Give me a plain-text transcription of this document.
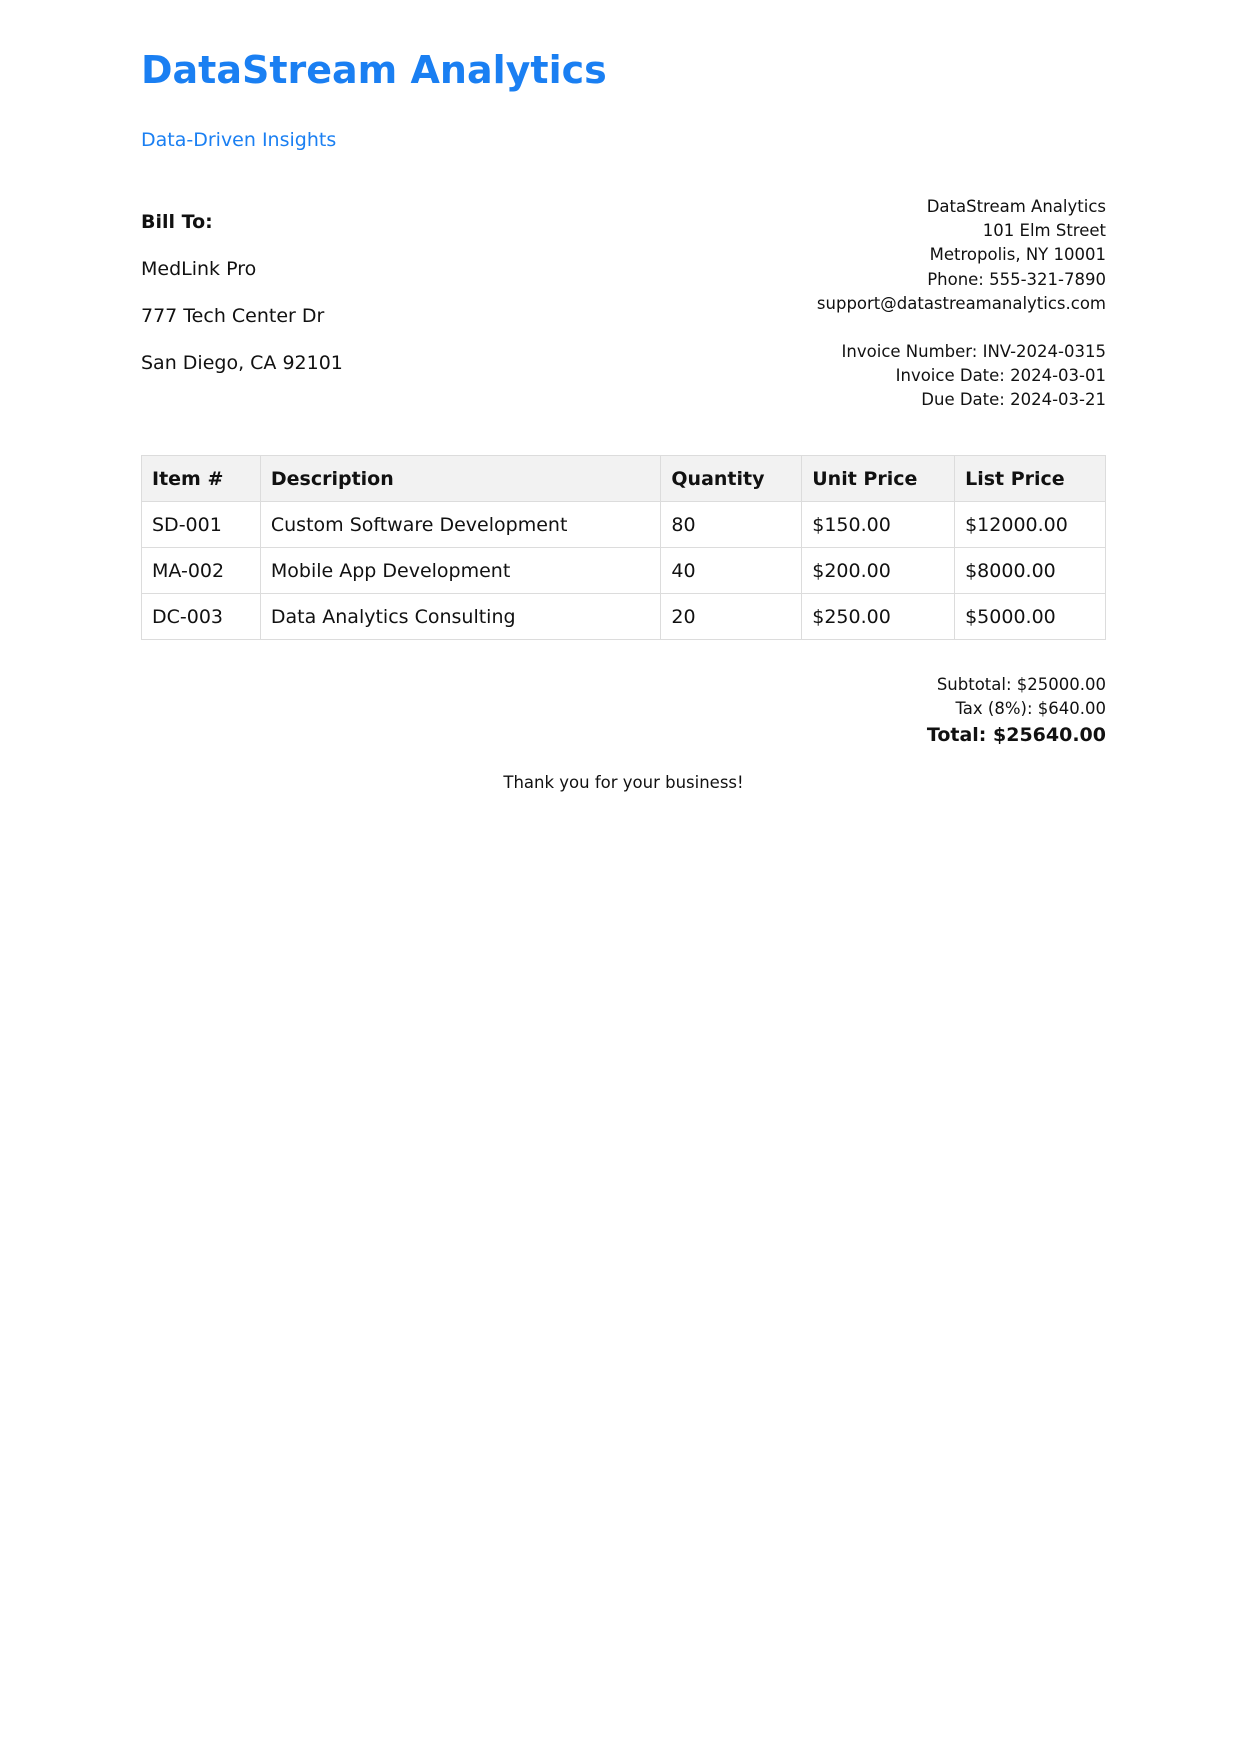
DataStream Analytics
Data-Driven Insights
Bill To:
MedLink Pro
777 Tech Center Dr
San Diego, CA 92101
DataStream Analytics
101 Elm Street
Metropolis, NY 10001
Phone: 555-321-7890
support@datastreamanalytics.com
Invoice Number: INV-2024-0315
Invoice Date: 2024-03-01
Due Date: 2024-03-21
Item #	Description	Quantity	Unit Price	List Price
SD-001	Custom Software Development	80	$150.00	$12000.00
MA-002	Mobile App Development	40	$200.00	$8000.00
DC-003	Data Analytics Consulting	20	$250.00	$5000.00
Subtotal: $25000.00
Tax (8%): $640.00
Total: $25640.00
Thank you for your business!
